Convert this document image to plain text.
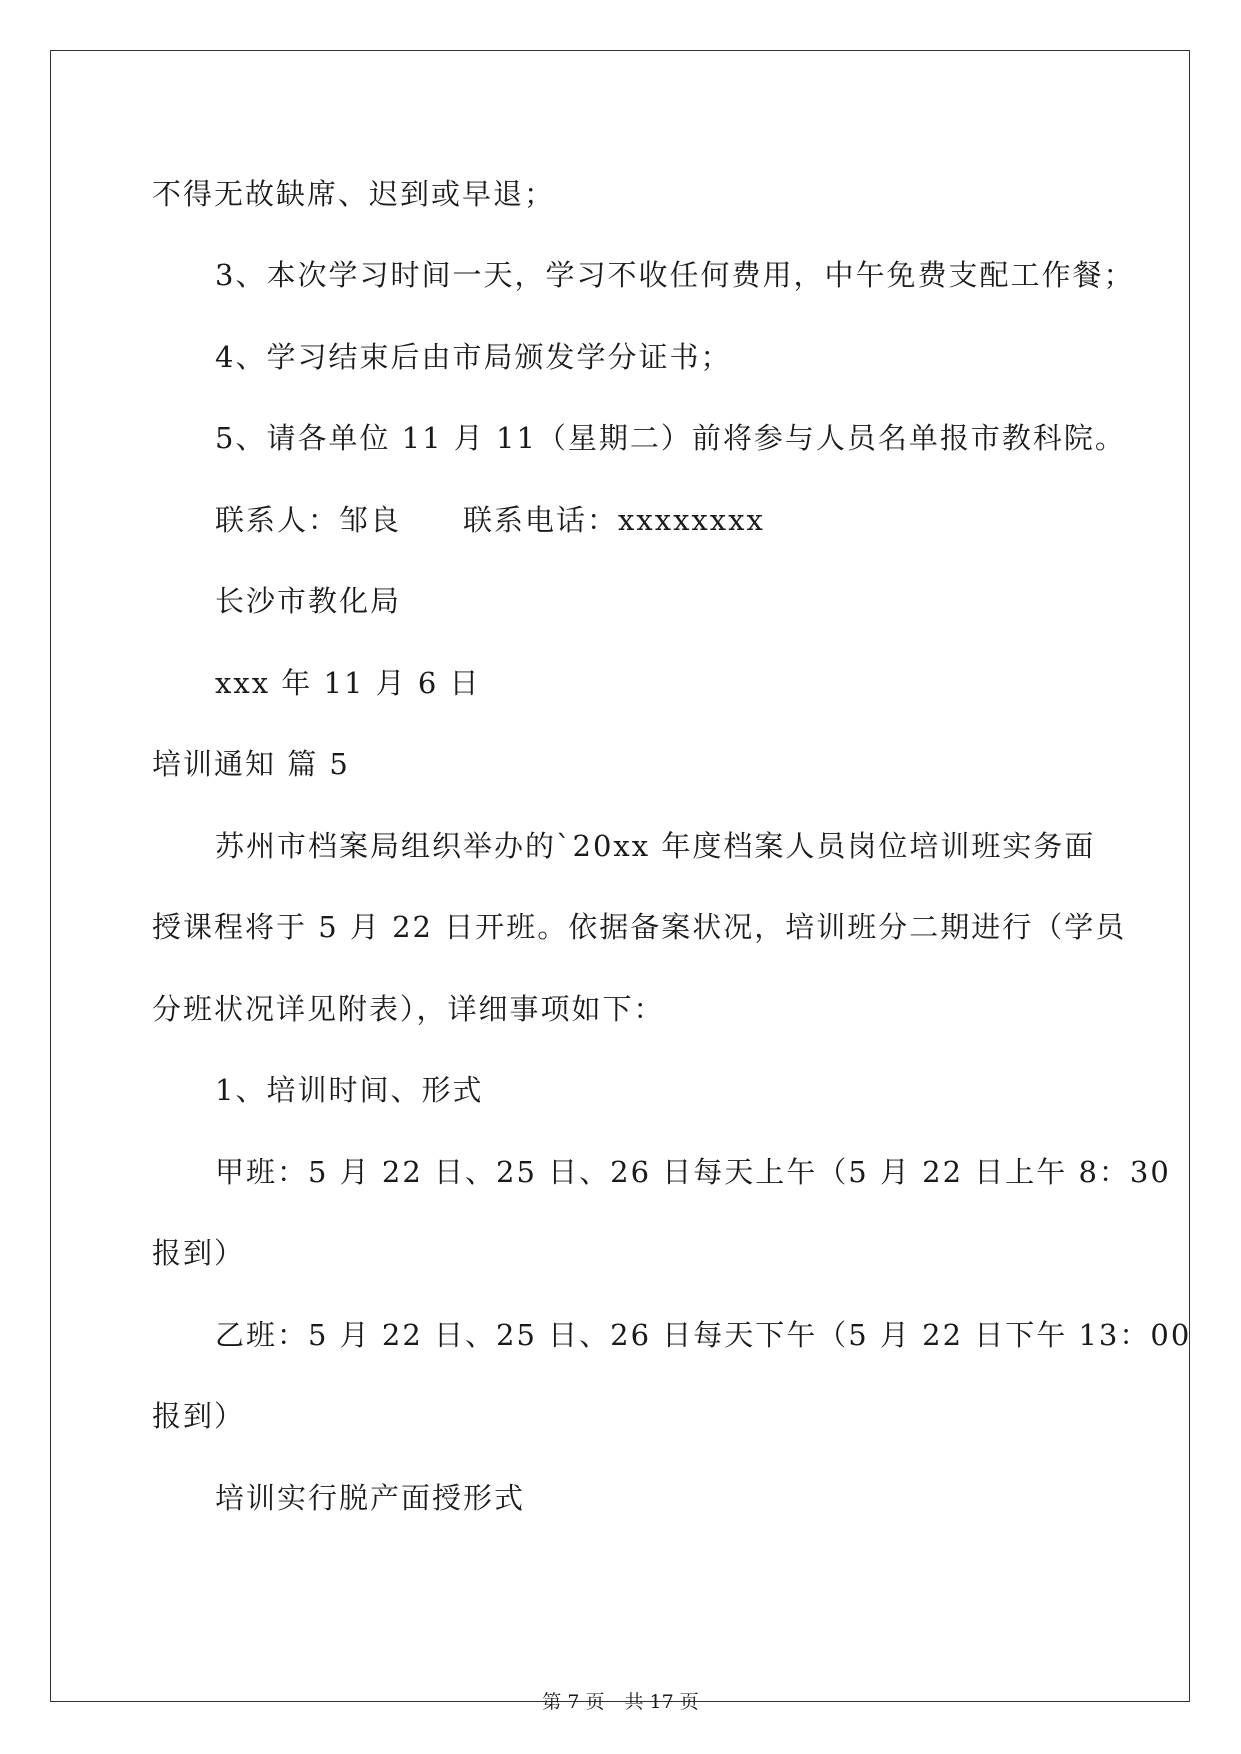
不得无故缺席、迟到或早退；

3、本次学习时间一天，学习不收任何费用，中午免费支配工作餐；

4、学习结束后由市局颁发学分证书；

5、请各单位 11 月 11（星期二）前将参与人员名单报市教科院。

联系人：邹良 联系电话：xxxxxxxx

长沙市教化局

xxx 年 11 月 6 日

培训通知 篇 5

苏州市档案局组织举办的`20xx 年度档案人员岗位培训班实务面

授课程将于 5 月 22 日开班。依据备案状况，培训班分二期进行（学员

分班状况详见附表），详细事项如下：

1、培训时间、形式

甲班：5 月 22 日、25 日、26 日每天上午（5 月 22 日上午 8：30

报到）

乙班：5 月 22 日、25 日、26 日每天下午（5 月 22 日下午 13：00

报到）

培训实行脱产面授形式

第 7 页 共 17 页
